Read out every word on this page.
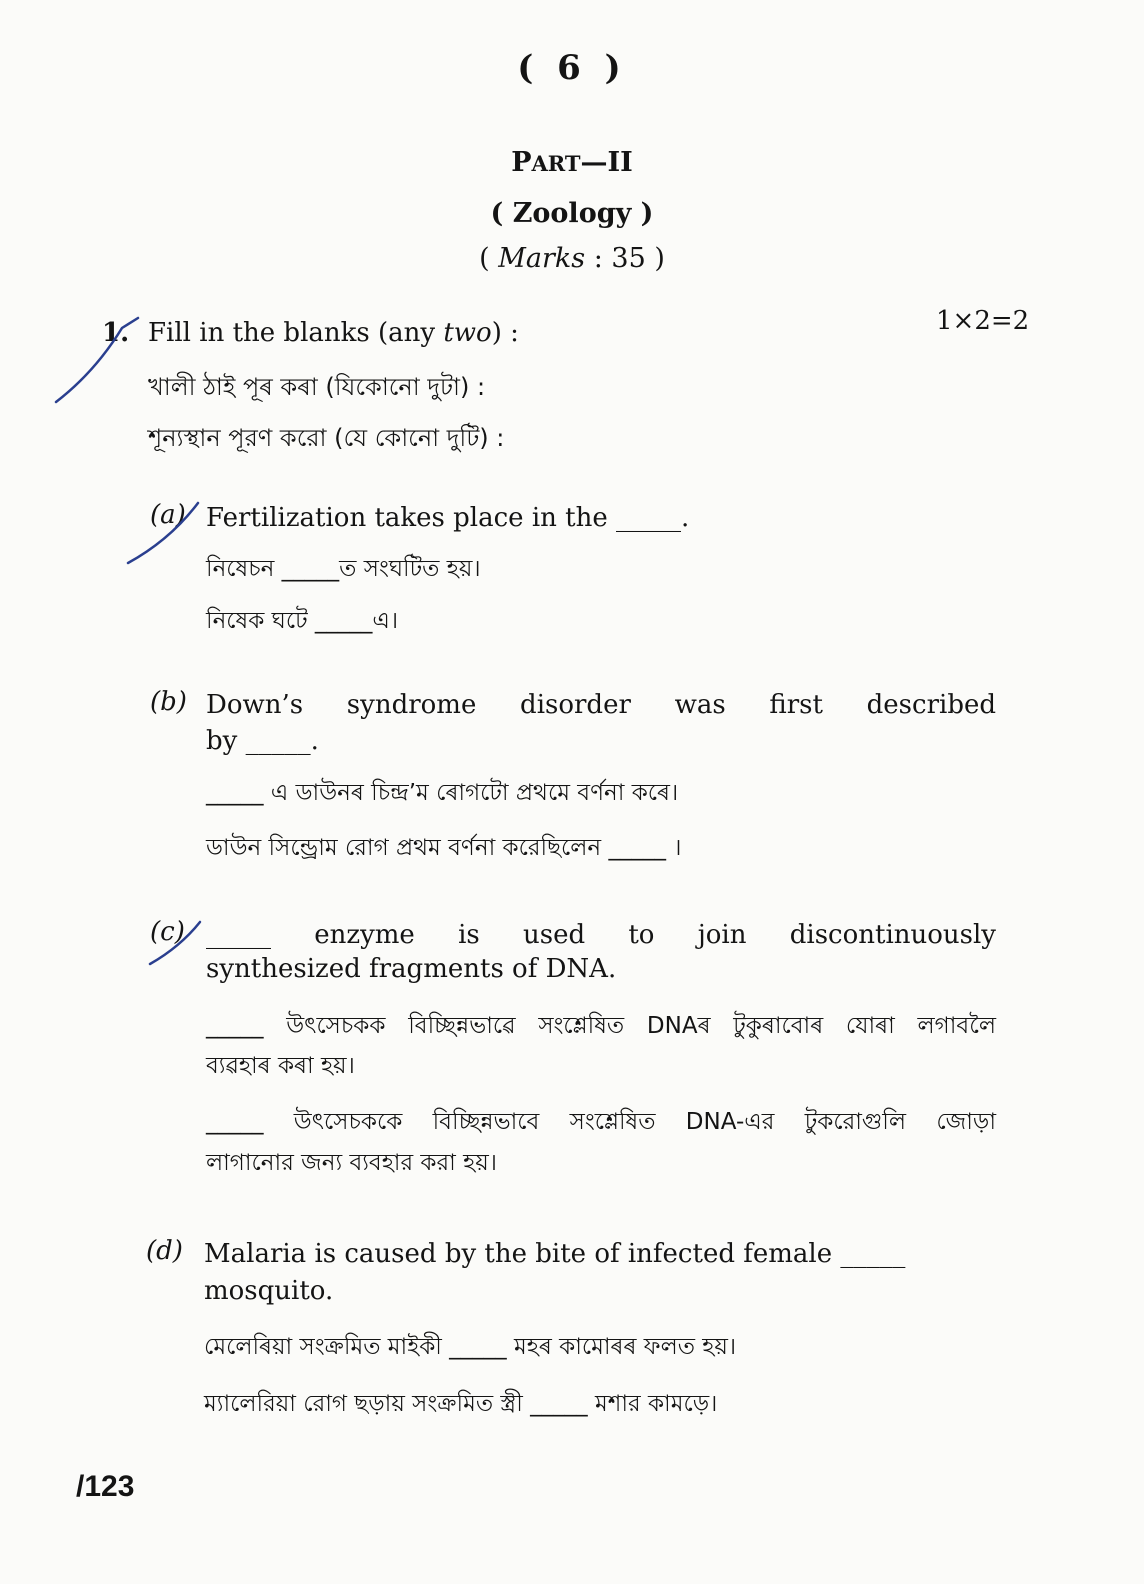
( 6 )
PART—II
( Zoology )
( Marks : 35 )
1. Fill in the blanks (any two) :	1×2=2
খালী ঠাই পূৰ কৰা (যিকোনো দুটা) :
শূন্যস্থান পূরণ করো (যে কোনো দুটি) :
(a) Fertilization takes place in the _____.
নিষেচন _____ত সংঘটিত হয়।
নিষেক ঘটে _____এ।
(b) Down’s syndrome disorder was first described
by _____.
_____ এ ডাউনৰ চিন্দ্ৰ’ম ৰোগটো প্ৰথমে বৰ্ণনা কৰে।
ডাউন সিন্ড্রোম রোগ প্রথম বর্ণনা করেছিলেন _____ ।
(c) _____ enzyme is used to join discontinuously
synthesized fragments of DNA.
_____ উৎসেচকক বিচ্ছিন্নভাৱে সংশ্লেষিত DNAৰ টুকুৰাবোৰ যোৰা লগাবলৈ
ব্যৱহাৰ কৰা হয়।
_____ উৎসেচককে বিচ্ছিন্নভাবে সংশ্লেষিত DNA-এর টুকরোগুলি জোড়া
লাগানোর জন্য ব্যবহার করা হয়।
(d) Malaria is caused by the bite of infected female _____
mosquito.
মেলেৰিয়া সংক্ৰমিত মাইকী _____ মহৰ কামোৰৰ ফলত হয়।
ম্যালেরিয়া রোগ ছড়ায় সংক্রমিত স্ত্রী _____ মশার কামড়ে।
/123
